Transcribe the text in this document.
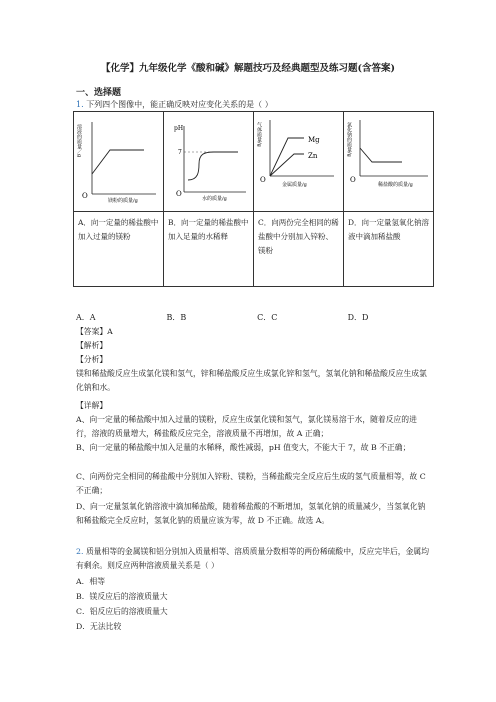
【化学】九年级化学《酸和碱》解题技巧及经典题型及练习题(含答案)
一、选择题
1. 下列四个图像中，能正确反映对应变化关系的是（ ）
溶液的质量／g
镁粉的质量/g
O	pH
7
水的质量/g
O	Mg
Zn
气体质量/g
金属质量/g
O	氯化钠的质量/g
稀盐酸的质量/g
O

A．向一定量的稀盐酸中加入过量的镁粉	B．向一定量的稀盐酸中加入足量的水稀释	C．向两份完全相同的稀盐酸中分别加入锌粉、镁粉	D．向一定量氢氧化钠溶液中滴加稀盐酸
A．A	B．B	C．C	D．D
【答案】A
【解析】
【分析】
镁和稀盐酸反应生成氯化镁和氢气，锌和稀盐酸反应生成氯化锌和氢气，氢氧化钠和稀盐酸反应生成氯化钠和水。
【详解】
A、向一定量的稀盐酸中加入过量的镁粉，反应生成氯化镁和氢气，氯化镁易溶于水，随着反应的进行，溶液的质量增大，稀盐酸反应完全，溶液质量不再增加，故 A 正确；
B、向一定量的稀盐酸中加入足量的水稀释，酸性减弱，pH 值变大，不能大于 7，故 B 不正确；
C、向两份完全相同的稀盐酸中分别加入锌粉、镁粉，当稀盐酸完全反应后生成的氢气质量相等，故 C 不正确；
D、向一定量氢氧化钠溶液中滴加稀盐酸，随着稀盐酸的不断增加，氢氧化钠的质量减少，当氢氧化钠和稀盐酸完全反应时，氢氧化钠的质量应该为零，故 D 不正确。故选 A。
2. 质量相等的金属镁和铝分别加入质量相等、溶质质量分数相等的两份稀硫酸中，反应完毕后，金属均有剩余。则反应两种溶液质量关系是（ ）
A．相等
B．镁反应后的溶液质量大
C．铝反应后的溶液质量大
D．无法比较
